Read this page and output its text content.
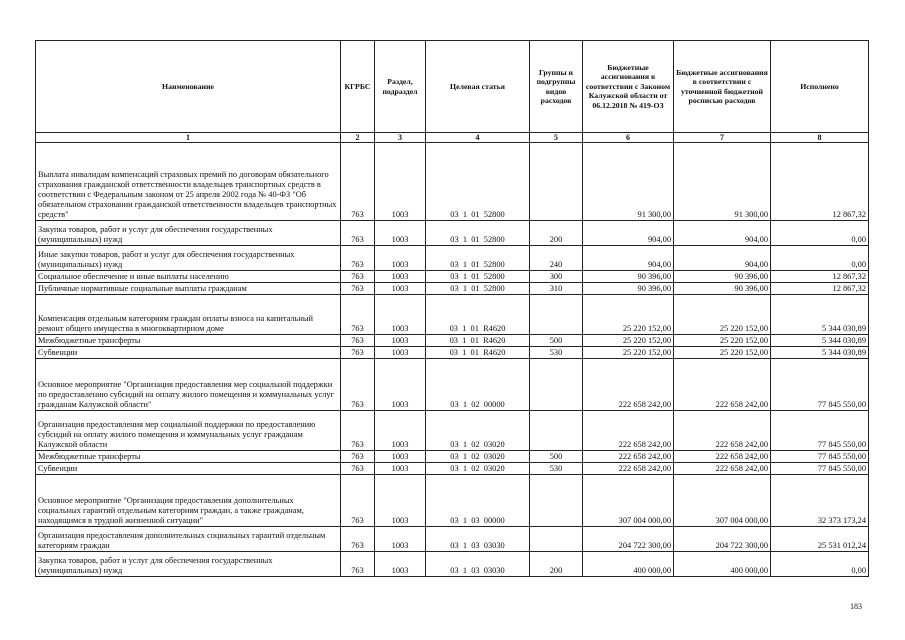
Наименование	КГРБС	Раздел, подраздел	Целевая статья	Группы и подгруппы видов расходов	Бюджетные ассигнования в соответствии с Законом Калужской области от 06.12.2018 № 419-ОЗ	Бюджетные ассигнования в соответствии с уточненной бюджетной росписью расходов	Исполнено
1	2	3	4	5	6	7	8
Выплата инвалидам компенсаций страховых премий по договорам обязательного страхования гражданской ответственности владельцев транспортных средств в соответствии с Федеральным законом от 25 апреля 2002 года № 40-ФЗ "Об обязательном страховании гражданской ответственности владельцев транспортных средств"	763	1003	03  1  01  52800		91 300,00	91 300,00	12 867,32
Закупка товаров, работ и услуг для обеспечения государственных (муниципальных) нужд	763	1003	03  1  01  52800	200	904,00	904,00	0,00
Иные закупки товаров, работ и услуг для обеспечения государственных (муниципальных) нужд	763	1003	03  1  01  52800	240	904,00	904,00	0,00
Социальное обеспечение и иные выплаты населению	763	1003	03  1  01  52800	300	90 396,00	90 396,00	12 867,32
Публичные нормативные социальные выплаты гражданам	763	1003	03  1  01  52800	310	90 396,00	90 396,00	12 867,32
Компенсация отдельным категориям граждан оплаты взноса на капитальный ремонт общего имущества в многоквартирном доме	763	1003	03  1  01  R4620		25 220 152,00	25 220 152,00	5 344 030,89
Межбюджетные трансферты	763	1003	03  1  01  R4620	500	25 220 152,00	25 220 152,00	5 344 030,89
Субвенции	763	1003	03  1  01  R4620	530	25 220 152,00	25 220 152,00	5 344 030,89
Основное мероприятие "Организация предоставления мер социальной поддержки по предоставлению субсидий на оплату жилого помещения и коммунальных услуг гражданам Калужской области"	763	1003	03  1  02  00000		222 658 242,00	222 658 242,00	77 845 550,00
Организация предоставления мер социальной поддержки по предоставлению субсидий на оплату жилого помещения и коммунальных услуг гражданам Калужской области	763	1003	03  1  02  03020		222 658 242,00	222 658 242,00	77 845 550,00
Межбюджетные трансферты	763	1003	03  1  02  03020	500	222 658 242,00	222 658 242,00	77 845 550,00
Субвенции	763	1003	03  1  02  03020	530	222 658 242,00	222 658 242,00	77 845 550,00
Основное мероприятие "Организация предоставления дополнительных социальных гарантий отдельным категориям граждан, а также гражданам, находящимся в трудной жизненной ситуации"	763	1003	03  1  03  00000		307 004 000,00	307 004 000,00	32 373 173,24
Организация предоставления дополнительных социальных гарантий отдельным категориям граждан	763	1003	03  1  03  03030		204 722 300,00	204 722 300,00	25 531 012,24
Закупка товаров, работ и услуг для обеспечения государственных (муниципальных) нужд	763	1003	03  1  03  03030	200	400 000,00	400 000,00	0,00
183
